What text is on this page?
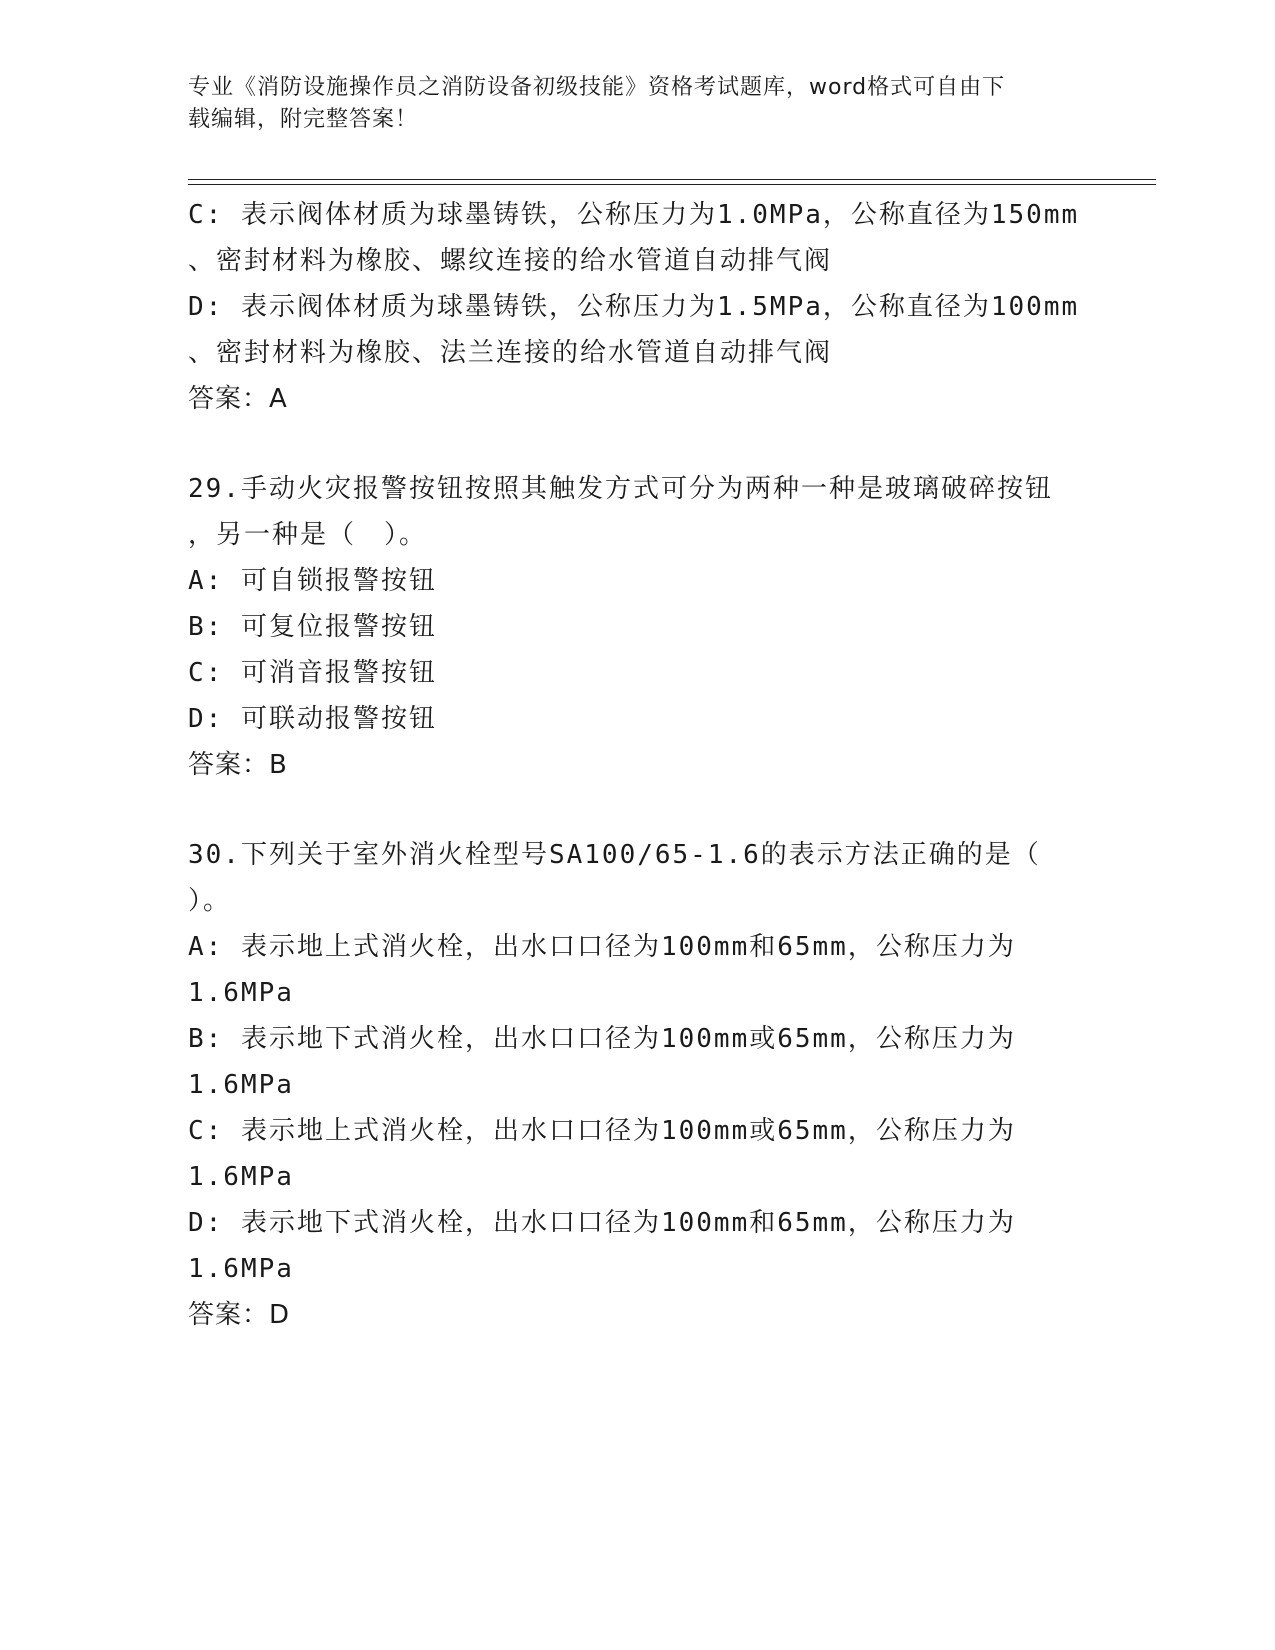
专业《消防设施操作员之消防设备初级技能》资格考试题库，word格式可自由下
载编辑，附完整答案！
C: 表示阀体材质为球墨铸铁，公称压力为1.0MPa，公称直径为150mm
、密封材料为橡胶、螺纹连接的给水管道自动排气阀
D: 表示阀体材质为球墨铸铁，公称压力为1.5MPa，公称直径为100mm
、密封材料为橡胶、法兰连接的给水管道自动排气阀
答案：A
29.手动火灾报警按钮按照其触发方式可分为两种一种是玻璃破碎按钮
，另一种是（　）。
A: 可自锁报警按钮
B: 可复位报警按钮
C: 可消音报警按钮
D: 可联动报警按钮
答案：B
30.下列关于室外消火栓型号SA100/65-1.6的表示方法正确的是（
）。
A: 表示地上式消火栓，出水口口径为100mm和65mm，公称压力为
1.6MPa
B: 表示地下式消火栓，出水口口径为100mm或65mm，公称压力为
1.6MPa
C: 表示地上式消火栓，出水口口径为100mm或65mm，公称压力为
1.6MPa
D: 表示地下式消火栓，出水口口径为100mm和65mm，公称压力为
1.6MPa
答案：D
